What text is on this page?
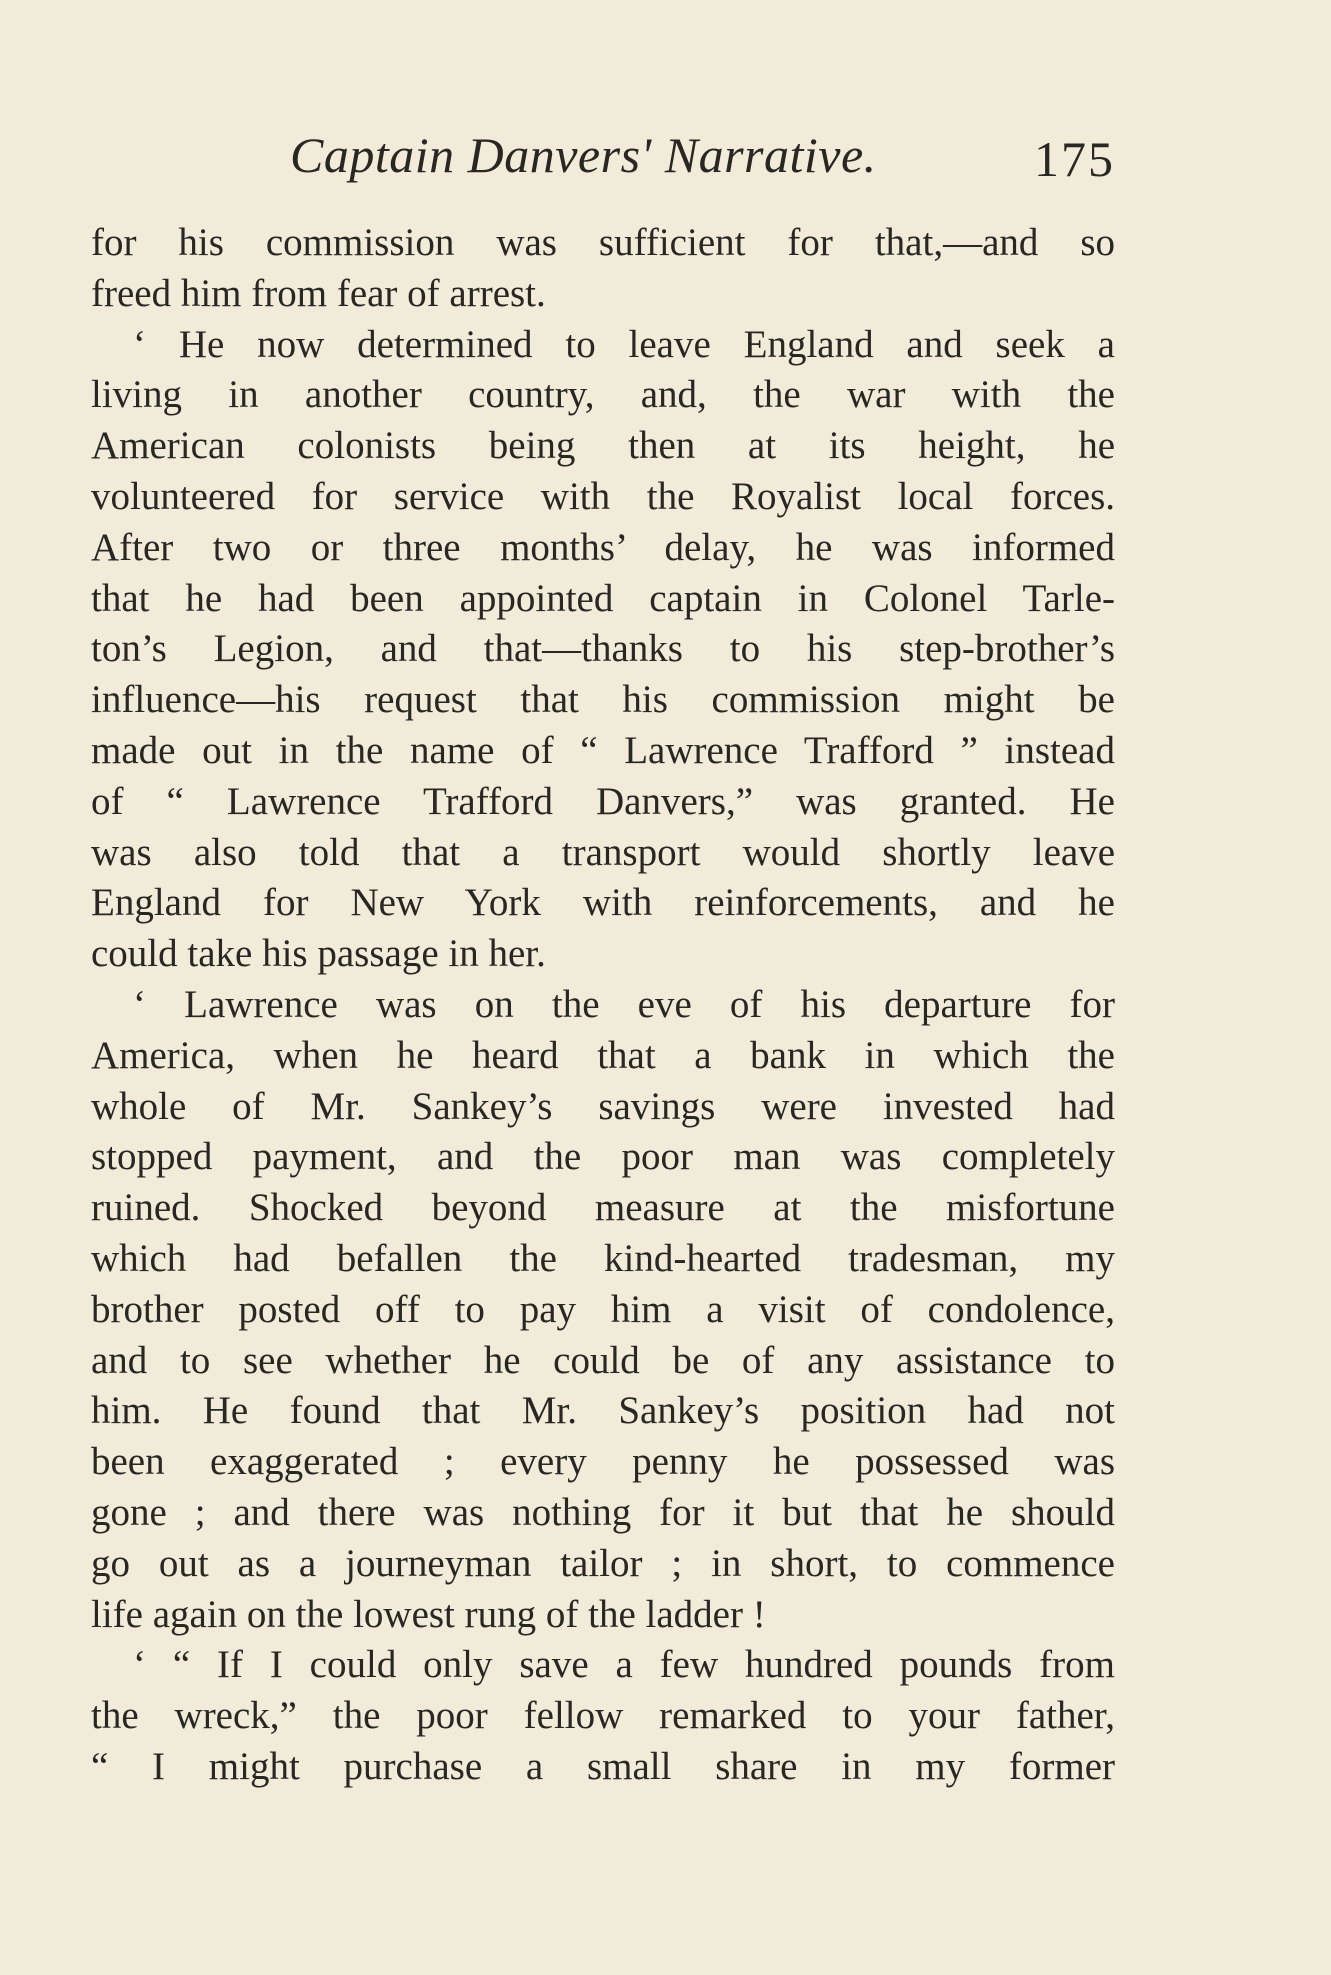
Captain Danvers' Narrative.	175
for his commission was sufficient for that,—and so
freed him from fear of arrest.
‘ He now determined to leave England and seek a
living in another country, and, the war with the
American colonists being then at its height, he
volunteered for service with the Royalist local forces.
After two or three months’ delay, he was informed
that he had been appointed captain in Colonel Tarle-
ton’s Legion, and that—thanks to his step-brother’s
influence—his request that his commission might be
made out in the name of “ Lawrence Trafford ” instead
of “ Lawrence Trafford Danvers,” was granted. He
was also told that a transport would shortly leave
England for New York with reinforcements, and he
could take his passage in her.
‘ Lawrence was on the eve of his departure for
America, when he heard that a bank in which the
whole of Mr. Sankey’s savings were invested had
stopped payment, and the poor man was completely
ruined. Shocked beyond measure at the misfortune
which had befallen the kind-hearted tradesman, my
brother posted off to pay him a visit of condolence,
and to see whether he could be of any assistance to
him. He found that Mr. Sankey’s position had not
been exaggerated ; every penny he possessed was
gone ; and there was nothing for it but that he should
go out as a journeyman tailor ; in short, to commence
life again on the lowest rung of the ladder !
‘ “ If I could only save a few hundred pounds from
the wreck,” the poor fellow remarked to your father,
“ I might purchase a small share in my former
